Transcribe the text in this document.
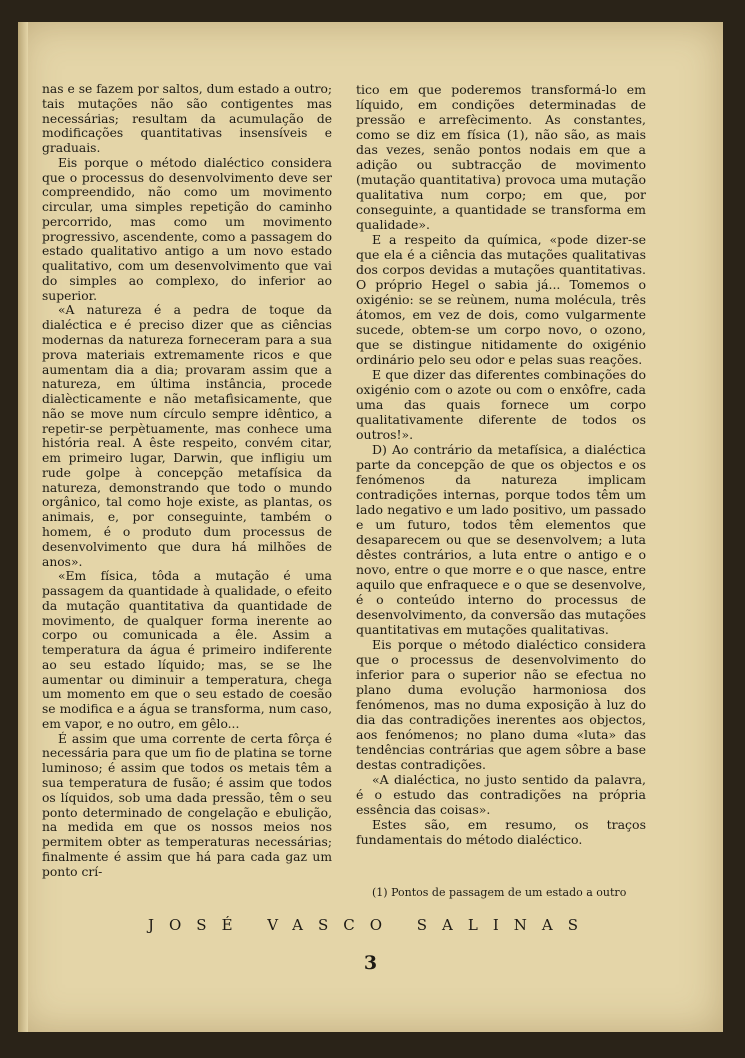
nas e se fazem por saltos, dum estado a outro; tais mutações não são contigentes mas necessárias; resultam da acumulação de modificações quantitativas insensíveis e graduais.

Eis porque o método dialéctico considera que o processus do desenvolvimento deve ser compreendido, não como um movimento circular, uma simples repetição do caminho percorrido, mas como um movimento progressivo, ascendente, como a passagem do estado qualitativo antigo a um novo estado qualitativo, com um desenvolvimento que vai do simples ao complexo, do inferior ao superior.

«A natureza é a pedra de toque da dialéctica e é preciso dizer que as ciências modernas da natureza forneceram para a sua prova materiais extremamente ricos e que aumentam dia a dia; provaram assim que a natureza, em última instância, procede dialècticamente e não metafìsicamente, que não se move num círculo sempre idêntico, a repetir-se perpètuamente, mas conhece uma história real. A êste respeito, convém citar, em primeiro lugar, Darwin, que infligiu um rude golpe à concepção metafísica da natureza, demonstrando que todo o mundo orgânico, tal como hoje existe, as plantas, os animais, e, por conseguinte, também o homem, é o produto dum processus de desenvolvimento que dura há milhões de anos».

«Em física, tôda a mutação é uma passagem da quantidade à qualidade, o efeito da mutação quantitativa da quantidade de movimento, de qualquer forma inerente ao corpo ou comunicada a êle. Assim a temperatura da água é primeiro indiferente ao seu estado líquido; mas, se se lhe aumentar ou diminuir a temperatura, chega um momento em que o seu estado de coesão se modifica e a água se transforma, num caso, em vapor, e no outro, em gêlo...

É assim que uma corrente de certa fôrça é necessária para que um fio de platina se torne luminoso; é assim que todos os metais têm a sua temperatura de fusão; é assim que todos os líquidos, sob uma dada pressão, têm o seu ponto determinado de congelação e ebulição, na medida em que os nossos meios nos permitem obter as temperaturas necessárias; finalmente é assim que há para cada gaz um ponto crí-

tico em que poderemos transformá-lo em líquido, em condições determinadas de pressão e arrefècimento. As constantes, como se diz em física (1), não são, as mais das vezes, senão pontos nodais em que a adição ou subtracção de movimento (mutação quantitativa) provoca uma mutação qualitativa num corpo; em que, por conseguinte, a quantidade se transforma em qualidade».

E a respeito da química, «pode dizer-se que ela é a ciência das mutações qualitativas dos corpos devidas a mutações quantitativas. O próprio Hegel o sabia já... Tomemos o oxigénio: se se reùnem, numa molécula, três átomos, em vez de dois, como vulgarmente sucede, obtem-se um corpo novo, o ozono, que se distingue nitidamente do oxigénio ordinário pelo seu odor e pelas suas reações.

E que dizer das diferentes combinações do oxigénio com o azote ou com o enxôfre, cada uma das quais fornece um corpo qualitativamente diferente de todos os outros!».

D) Ao contrário da metafísica, a dialéctica parte da concepção de que os objectos e os fenómenos da natureza implicam contradições internas, porque todos têm um lado negativo e um lado positivo, um passado e um futuro, todos têm elementos que desaparecem ou que se desenvolvem; a luta dêstes contrários, a luta entre o antigo e o novo, entre o que morre e o que nasce, entre aquilo que enfraquece e o que se desenvolve, é o conteúdo interno do processus de desenvolvimento, da conversão das mutações quantitativas em mutações qualitativas.

Eis porque o método dialéctico considera que o processus de desenvolvimento do inferior para o superior não se efectua no plano duma evolução harmoniosa dos fenómenos, mas no duma exposição à luz do dia das contradições inerentes aos objectos, aos fenómenos; no plano duma «luta» das tendências contrárias que agem sôbre a base destas contradições.

«A dialéctica, no justo sentido da palavra, é o estudo das contradições na própria essência das coisas».

Estes são, em resumo, os traços fundamentais do método dialéctico.

(1) Pontos de passagem de um estado a outro
JOSÉ VASCO SALINAS
3
